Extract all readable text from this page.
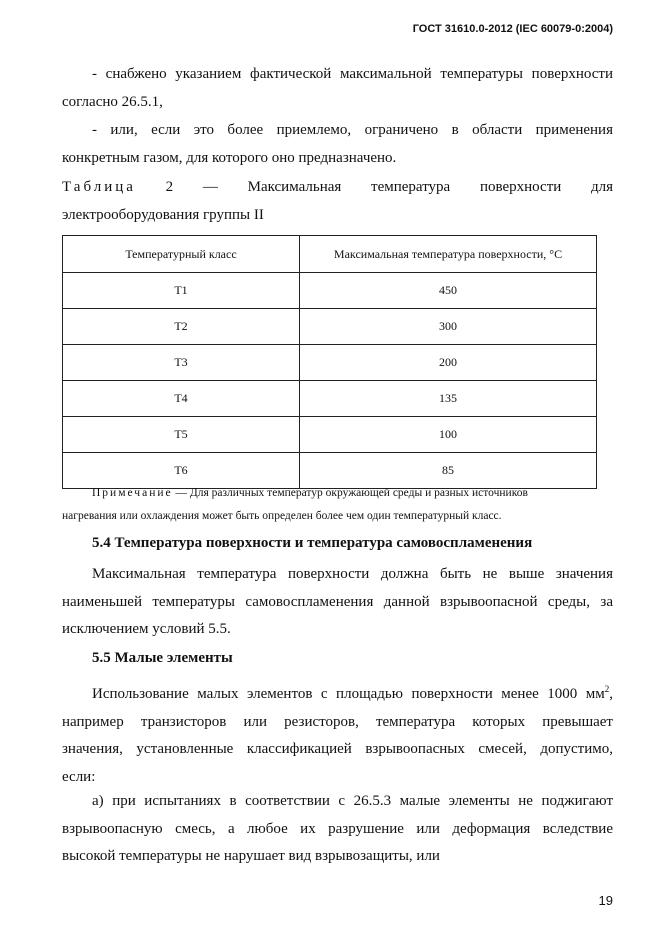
ГОСТ 31610.0-2012 (IEC 60079-0:2004)
- снабжено указанием фактической максимальной температуры поверхности
согласно 26.5.1,
- или, если это более приемлемо, ограничено в области применения
конкретным газом, для которого оно предназначено.
Таблица 2 — Максимальная температура поверхности для
электрооборудования группы II
Температурный класс	Максимальная температура поверхности, °C
T1	450
T2	300
T3	200
T4	135
T5	100
T6	85
Примечание — Для различных температур окружающей среды и разных источников
нагревания или охлаждения может быть определен более чем один температурный класс.
5.4 Температура поверхности и температура самовоспламенения
Максимальная температура поверхности должна быть не выше значения
наименьшей температуры самовоспламенения данной взрывоопасной среды, за
исключением условий 5.5.
5.5 Малые элементы
Использование малых элементов с площадью поверхности менее 1000 $мм^2$,
например транзисторов или резисторов, температура которых превышает
значения, установленные классификацией взрывоопасных смесей, допустимо,
если:
а) при испытаниях в соответствии с 26.5.3 малые элементы не поджигают
взрывоопасную смесь, а любое их разрушение или деформация вследствие
высокой температуры не нарушает вид взрывозащиты, или
19
